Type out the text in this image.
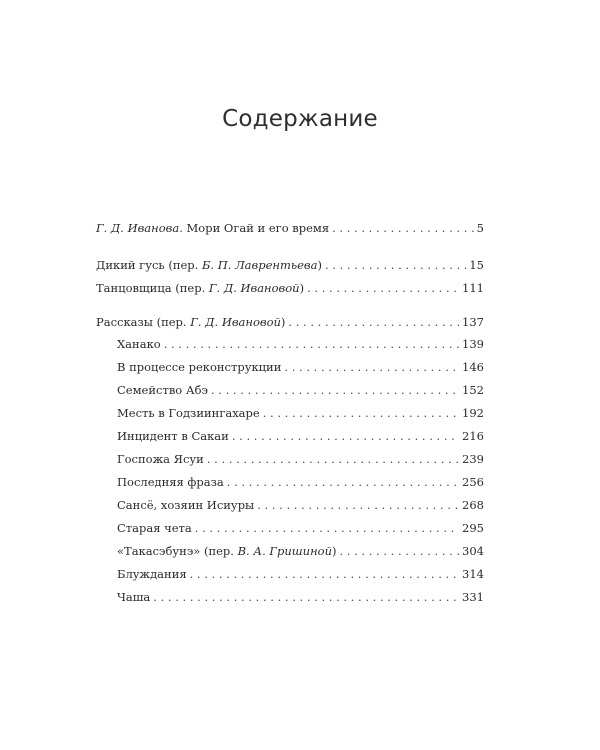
Содержание
Г. Д. Иванова. Мори Огай и его время . . .	5
Дикий гусь (пер. Б. П. Лаврентьева) . . .	15
Танцовщица (пер. Г. Д. Ивановой) . . .	111
Рассказы (пер. Г. Д. Ивановой) . . .	137
Ханако . . .	139
В процессе реконструкции . . .	146
Семейство Абэ . . .	152
Месть в Годзиингахаре . . .	192
Инцидент в Сакаи . . .	216
Госпожа Ясуи . . .	239
Последняя фраза . . .	256
Сансё, хозяин Исиуры . . .	268
Старая чета . . .	295
«Такасэбунэ» (пер. В. А. Гришиной) . . .	304
Блуждания . . .	314
Чаша . . .	331
